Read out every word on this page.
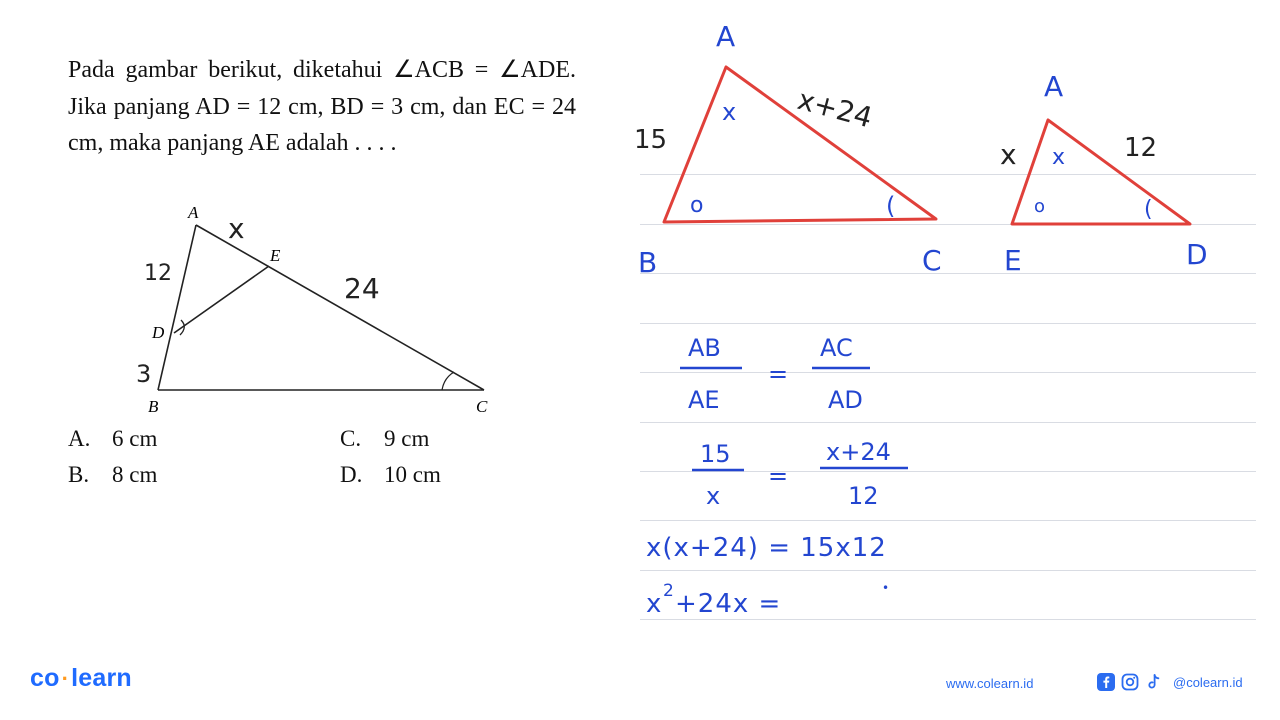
Pada gambar berikut, diketahui ∠ACB = ∠ADE. Jika panjang AD = 12 cm, BD = 3 cm, dan EC = 24 cm, maka panjang AE adalah . . . .

A
E
D
B	C
x
12	24
3
A. 6 cm
B. 8 cm
C. 9 cm
D. 10 cm
A
B	C
15
x+24
x
o	(
A
E	D
x	12
x
o	(
AB
AE
=
AC
AD
15
x
=
x+24
12
x(x+24) = 15x12
x 2 +24x =
•
co·learn	www.colearn.id	@colearn.id
